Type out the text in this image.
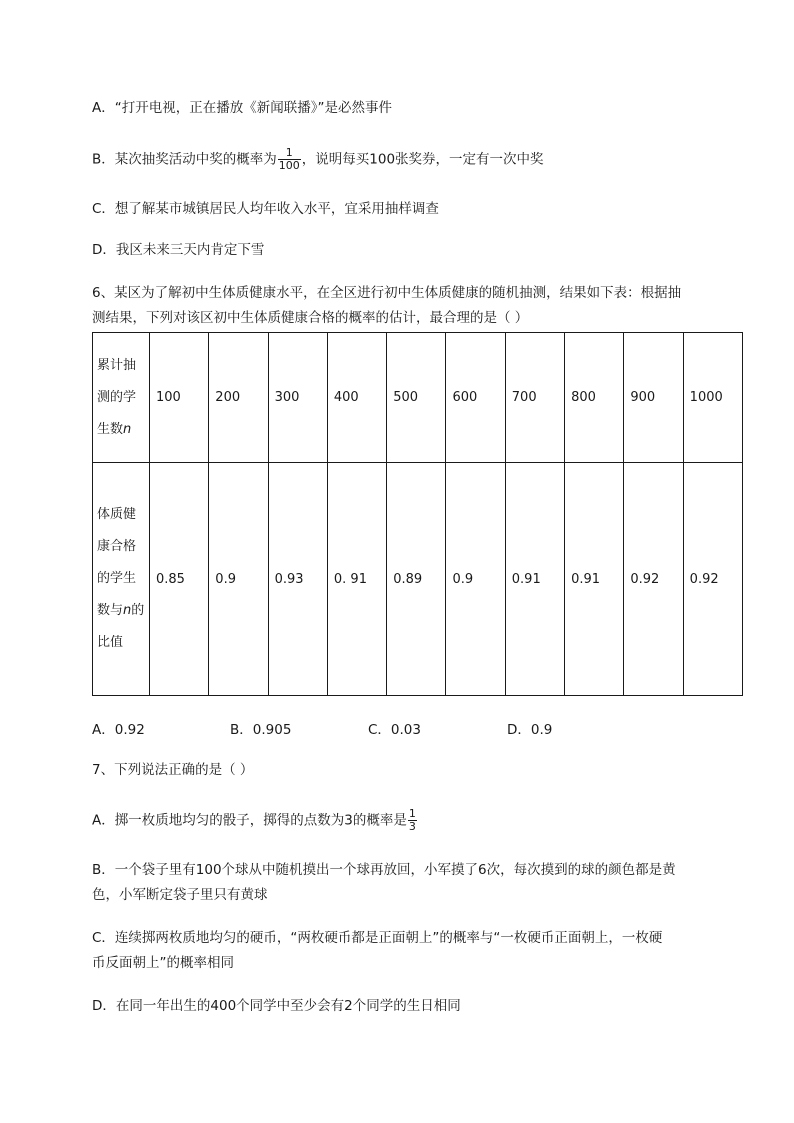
A．“打开电视，正在播放《新闻联播》”是必然事件
B．某次抽奖活动中奖的概率为 $\frac{1}{100}$ ，说明每买100张奖券，一定有一次中奖
C．想了解某市城镇居民人均年收入水平，宜采用抽样调查
D．我区未来三天内肯定下雪
6、某区为了解初中生体质健康水平，在全区进行初中生体质健康的随机抽测，结果如下表：根据抽
测结果，下列对该区初中生体质健康合格的概率的估计，最合理的是（ ）
累计抽测的学生数n	100	200	300	400	500	600	700	800	900	1000
体质健康合格的学生数与n的比值	0.85	0.9	0.93	0. 91	0.89	0.9	0.91	0.91	0.92	0.92
A．0.92	B．0.905	C．0.03	D．0.9
7、下列说法正确的是（ ）
A．掷一枚质地均匀的骰子，掷得的点数为3的概率是 $\frac{1}{3}$
B．一个袋子里有100个球从中随机摸出一个球再放回，小军摸了6次，每次摸到的球的颜色都是黄
色，小军断定袋子里只有黄球
C．连续掷两枚质地均匀的硬币，“两枚硬币都是正面朝上”的概率与“一枚硬币正面朝上，一枚硬
币反面朝上”的概率相同
D．在同一年出生的400个同学中至少会有2个同学的生日相同
